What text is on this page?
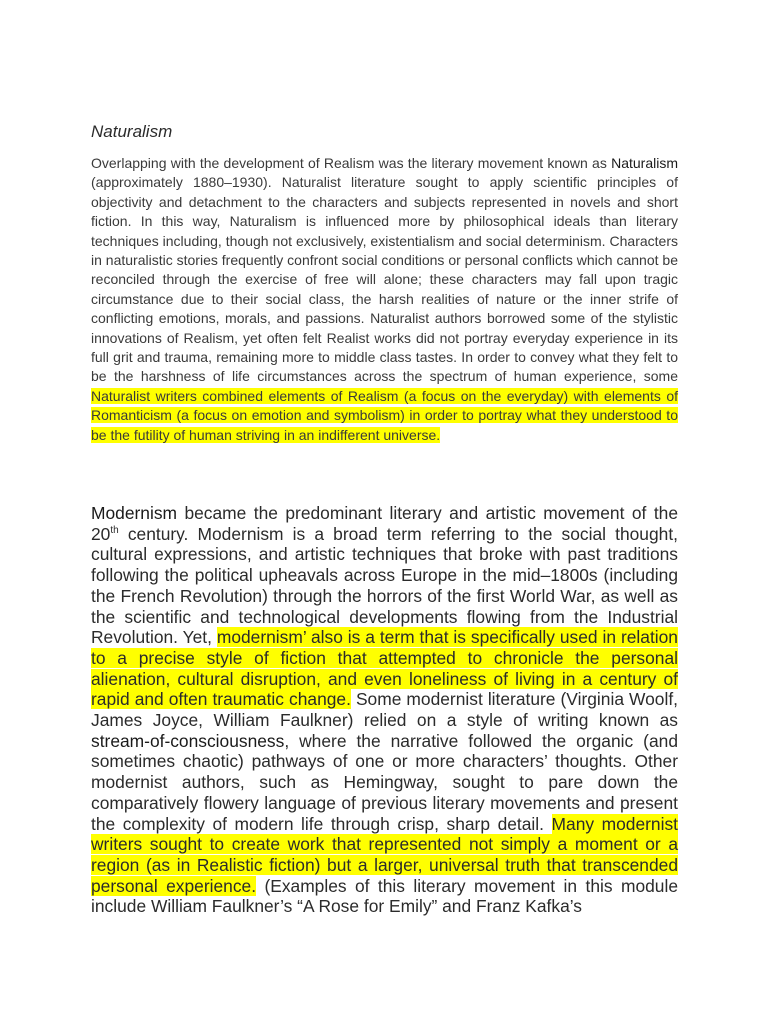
Naturalism

Overlapping with the development of Realism was the literary movement known as Naturalism (approximately 1880–1930). Naturalist literature sought to apply scientific principles of objectivity and detachment to the characters and subjects represented in novels and short fiction. In this way, Naturalism is influenced more by philosophical ideals than literary techniques including, though not exclusively, existentialism and social determinism. Characters in naturalistic stories frequently confront social conditions or personal conflicts which cannot be reconciled through the exercise of free will alone; these characters may fall upon tragic circumstance due to their social class, the harsh realities of nature or the inner strife of conflicting emotions, morals, and passions. Naturalist authors borrowed some of the stylistic innovations of Realism, yet often felt Realist works did not portray everyday experience in its full grit and trauma, remaining more to middle class tastes. In order to convey what they felt to be the harshness of life circumstances across the spectrum of human experience, some Naturalist writers combined elements of Realism (a focus on the everyday) with elements of Romanticism (a focus on emotion and symbolism) in order to portray what they understood to be the futility of human striving in an indifferent universe.

Modernism became the predominant literary and artistic movement of the 20th century. Modernism is a broad term referring to the social thought, cultural expressions, and artistic techniques that broke with past traditions following the political upheavals across Europe in the mid–1800s (including the French Revolution) through the horrors of the first World War, as well as the scientific and technological developments flowing from the Industrial Revolution. Yet, modernism’ also is a term that is specifically used in relation to a precise style of fiction that attempted to chronicle the personal alienation, cultural disruption, and even loneliness of living in a century of rapid and often traumatic change. Some modernist literature (Virginia Woolf, James Joyce, William Faulkner) relied on a style of writing known as stream-of-consciousness, where the narrative followed the organic (and sometimes chaotic) pathways of one or more characters’ thoughts. Other modernist authors, such as Hemingway, sought to pare down the comparatively flowery language of previous literary movements and present the complexity of modern life through crisp, sharp detail. Many modernist writers sought to create work that represented not simply a moment or a region (as in Realistic fiction) but a larger, universal truth that transcended personal experience. (Examples of this literary movement in this module include William Faulkner’s “A Rose for Emily” and Franz Kafka’s
